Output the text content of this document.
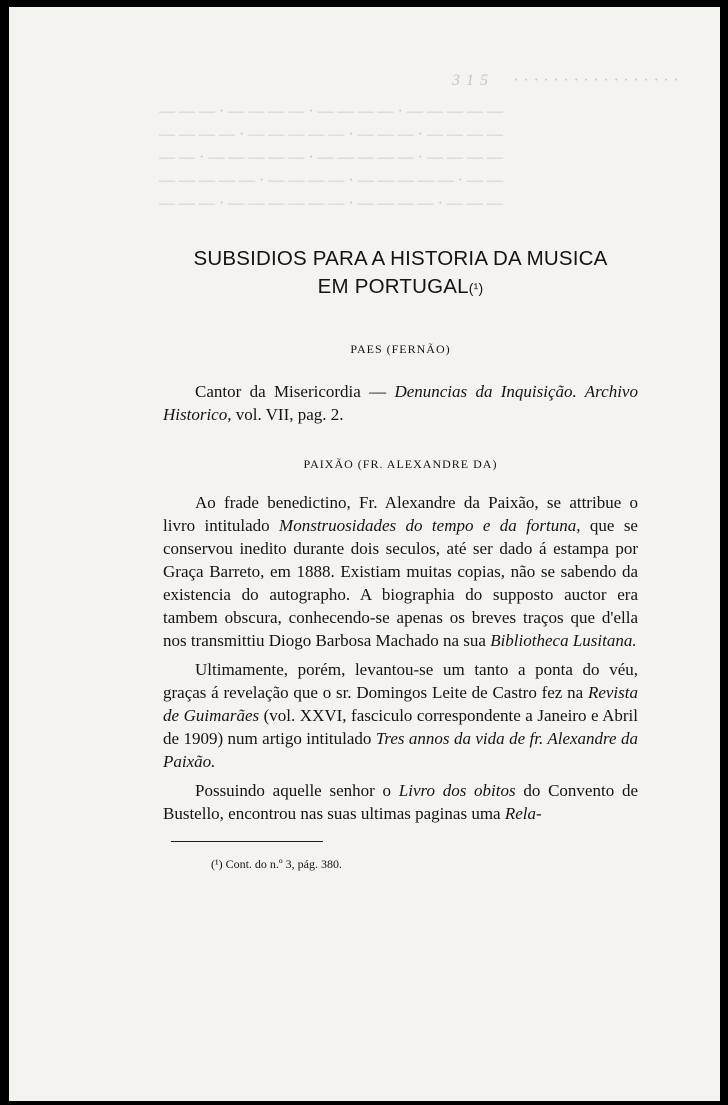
3 1 5     · · · · · · · · · · · · · · · · ·
— — — · — — — — · — — — — · — — — — —
— — — — · — — — — — · — — — · — — — —
— — · — — — — — · — — — — — · — — — —
— — — — — · — — — — · — — — — — · — —
— — — · — — — — — — · — — — — · — — —
SUBSIDIOS PARA A HISTORIA DA MUSICA
EM PORTUGAL$^{(^1)}$
PAES (FERNÃO)

Cantor da Misericordia — Denuncias da Inquisição. Archivo Historico, vol. VII, pag. 2.

PAIXÃO (FR. ALEXANDRE DA)

Ao frade benedictino, Fr. Alexandre da Paixão, se attribue o livro intitulado Monstruosidades do tempo e da fortuna, que se conservou inedito durante dois seculos, até ser dado á estampa por Graça Barreto, em 1888. Existiam muitas copias, não se sabendo da existencia do autographo. A biographia do supposto auctor era tambem obscura, conhecendo-se apenas os breves traços que d'ella nos transmittiu Diogo Barbosa Machado na sua Bibliotheca Lusitana.

Ultimamente, porém, levantou-se um tanto a ponta do véu, graças á revelação que o sr. Domingos Leite de Castro fez na Revista de Guimarães (vol. XXVI, fasciculo correspondente a Janeiro e Abril de 1909) num artigo intitulado Tres annos da vida de fr. Alexandre da Paixão.

Possuindo aquelle senhor o Livro dos obitos do Convento de Bustello, encontrou nas suas ultimas paginas uma Rela-

(¹) Cont. do n.º 3, pág. 380.
